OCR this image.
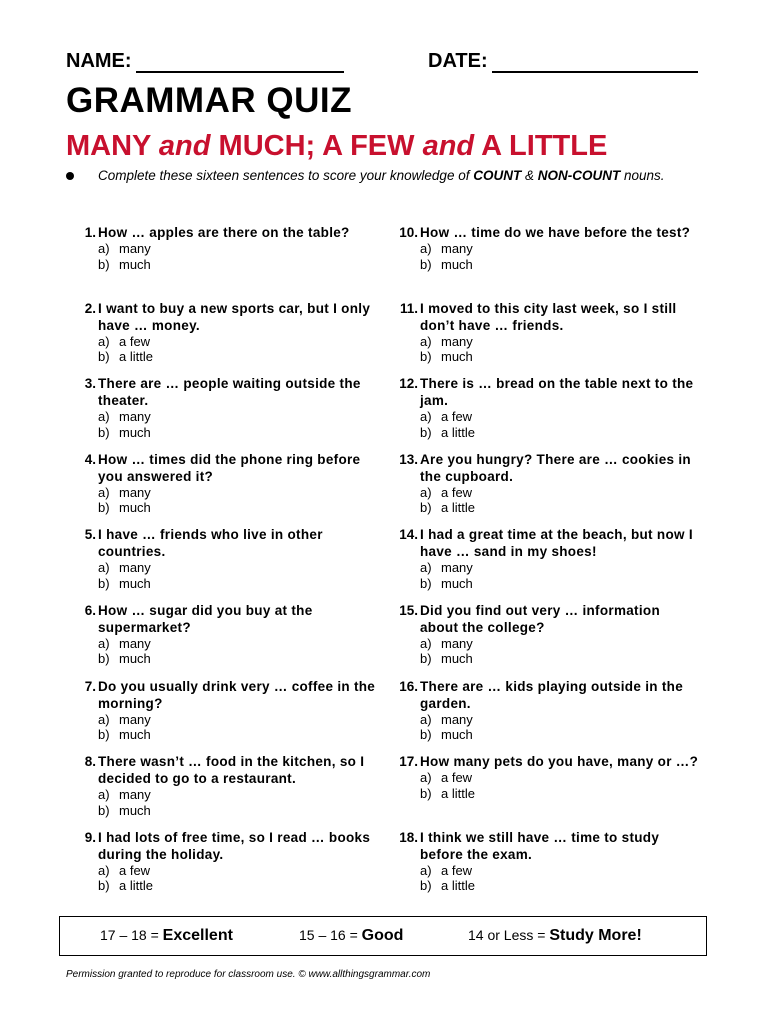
NAME:	DATE:
GRAMMAR QUIZ
MANY and MUCH; A FEW and A LITTLE
Complete these sixteen sentences to score your knowledge of COUNT & NON-COUNT nouns.
1. How … apples are there on the table?
a) many
b) much
2. I want to buy a new sports car, but I only have … money.
a) a few
b) a little
3. There are … people waiting outside the theater.
a) many
b) much
4. How … times did the phone ring before you answered it?
a) many
b) much
5. I have … friends who live in other countries.
a) many
b) much
6. How … sugar did you buy at the supermarket?
a) many
b) much
7. Do you usually drink very … coffee in the morning?
a) many
b) much
8. There wasn’t … food in the kitchen, so I decided to go to a restaurant.
a) many
b) much
9. I had lots of free time, so I read … books during the holiday.
a) a few
b) a little
10. How … time do we have before the test?
a) many
b) much
11. I moved to this city last week, so I still don’t have … friends.
a) many
b) much
12. There is … bread on the table next to the jam.
a) a few
b) a little
13. Are you hungry? There are … cookies in the cupboard.
a) a few
b) a little
14. I had a great time at the beach, but now I have … sand in my shoes!
a) many
b) much
15. Did you find out very … information about the college?
a) many
b) much
16. There are … kids playing outside in the garden.
a) many
b) much
17. How many pets do you have, many or …?
a) a few
b) a little
18. I think we still have … time to study before the exam.
a) a few
b) a little
17 – 18 = Excellent	15 – 16 = Good	14 or Less = Study More!
Permission granted to reproduce for classroom use. © www.allthingsgrammar.com
